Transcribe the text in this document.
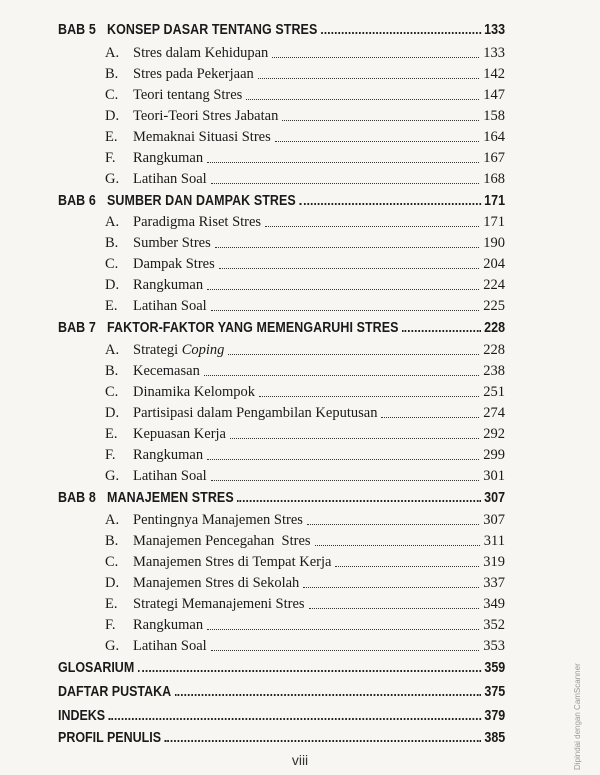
BAB 5 KONSEP DASAR TENTANG STRES	133
A. Stres dalam Kehidupan	133
B.	Stres pada Pekerjaan	142
C.	Teori tentang Stres	147
D. Teori-Teori Stres Jabatan	158
E.	Memaknai Situasi Stres	164
F.	Rangkuman	167
G. Latihan Soal	168
BAB 6 SUMBER DAN DAMPAK STRES	171
A. Paradigma Riset Stres	171
B.	Sumber Stres	190
C.	Dampak Stres	204
D. Rangkuman	224
E.	Latihan Soal	225
BAB 7 FAKTOR-FAKTOR YANG MEMENGARUHI STRES	228
A. Strategi Coping	228
B.	Kecemasan	238
C.	Dinamika Kelompok	251
D. Partisipasi dalam Pengambilan Keputusan	274
E.	Kepuasan Kerja	292
F.	Rangkuman	299
G. Latihan Soal	301
BAB 8 MANAJEMEN STRES	307
A. Pentingnya Manajemen Stres	307
B.	Manajemen Pencegahan  Stres	311
C.	Manajemen Stres di Tempat Kerja	319
D. Manajemen Stres di Sekolah	337
E.	Strategi Memanajemeni Stres	349
F.	Rangkuman	352
G. Latihan Soal	353
GLOSARIUM	359
DAFTAR PUSTAKA	375
INDEKS	379
PROFIL PENULIS	385
viii	Dipindai dengan CamScanner
